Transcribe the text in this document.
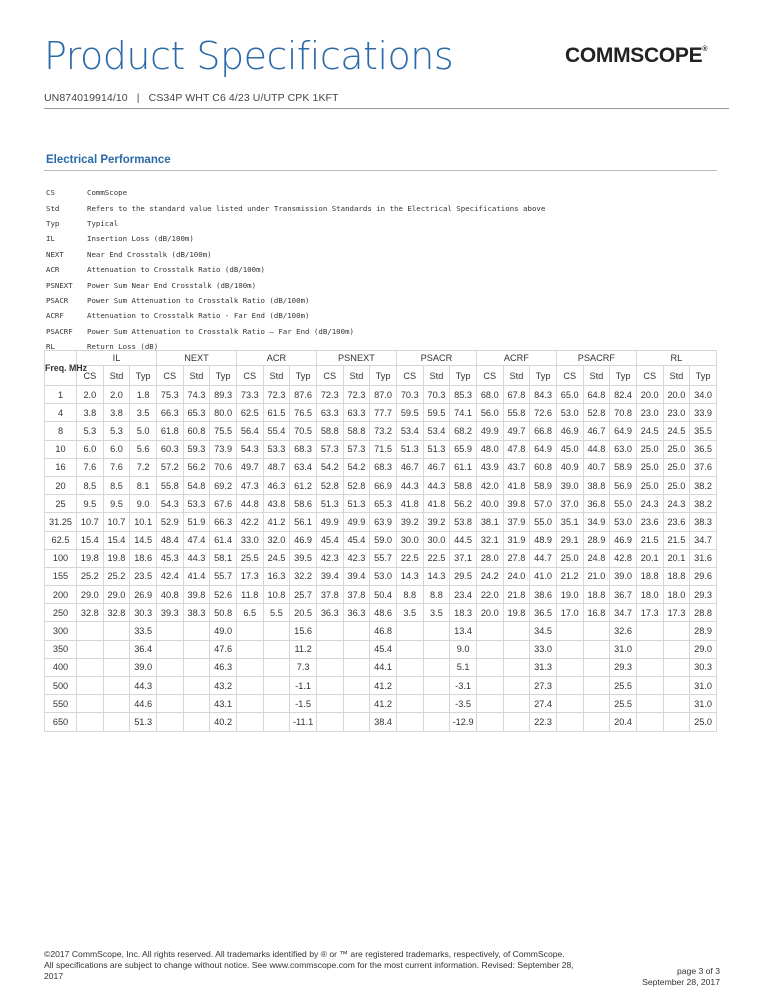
Product Specifications	COMMSCOPE®
UN874019914/10   |   CS34P WHT C6 4/23 U/UTP CPK 1KFT
Electrical Performance
CS	CommScope
Std	Refers to the standard value listed under Transmission Standards in the Electrical Specifications above
Typ	Typical
IL	Insertion Loss (dB/100m)
NEXT	Near End Crosstalk (dB/100m)
ACR	Attenuation to Crosstalk Ratio (dB/100m)
PSNEXT	Power Sum Near End Crosstalk (dB/100m)
PSACR	Power Sum Attenuation to Crosstalk Ratio (dB/100m)
ACRF	Attenuation to Crosstalk Ratio - Far End (dB/100m)
PSACRF	Power Sum Attenuation to Crosstalk Ratio – Far End (dB/100m)
RL	Return Loss (dB)
Freq. MHz	IL			NEXT			ACR			PSNEXT			PSACR			ACRF			PSACRF			RL		
	CS	Std	Typ	CS	Std	Typ	CS	Std	Typ	CS	Std	Typ	CS	Std	Typ	CS	Std	Typ	CS	Std	Typ	CS	Std	Typ
1	2.0	2.0	1.8	75.3	74.3	89.3	73.3	72.3	87.6	72.3	72.3	87.0	70.3	70.3	85.3	68.0	67.8	84.3	65.0	64.8	82.4	20.0	20.0	34.0
4	3.8	3.8	3.5	66.3	65.3	80.0	62.5	61.5	76.5	63.3	63.3	77.7	59.5	59.5	74.1	56.0	55.8	72.6	53.0	52.8	70.8	23.0	23.0	33.9
8	5.3	5.3	5.0	61.8	60.8	75.5	56.4	55.4	70.5	58.8	58.8	73.2	53.4	53.4	68.2	49.9	49.7	66.8	46.9	46.7	64.9	24.5	24.5	35.5
10	6.0	6.0	5.6	60.3	59.3	73.9	54.3	53.3	68.3	57.3	57.3	71.5	51.3	51.3	65.9	48.0	47.8	64.9	45.0	44.8	63.0	25.0	25.0	36.5
16	7.6	7.6	7.2	57.2	56.2	70.6	49.7	48.7	63.4	54.2	54.2	68.3	46.7	46.7	61.1	43.9	43.7	60.8	40.9	40.7	58.9	25.0	25.0	37.6
20	8.5	8.5	8.1	55.8	54.8	69.2	47.3	46.3	61.2	52.8	52.8	66.9	44.3	44.3	58.8	42.0	41.8	58.9	39.0	38.8	56.9	25.0	25.0	38.2
25	9.5	9.5	9.0	54.3	53.3	67.6	44.8	43.8	58.6	51.3	51.3	65.3	41.8	41.8	56.2	40.0	39.8	57.0	37.0	36.8	55.0	24.3	24.3	38.2
31.25	10.7	10.7	10.1	52.9	51.9	66.3	42.2	41.2	56.1	49.9	49.9	63.9	39.2	39.2	53.8	38.1	37.9	55.0	35.1	34.9	53.0	23.6	23.6	38.3
62.5	15.4	15.4	14.5	48.4	47.4	61.4	33.0	32.0	46.9	45.4	45.4	59.0	30.0	30.0	44.5	32.1	31.9	48.9	29.1	28.9	46.9	21.5	21.5	34.7
100	19.8	19.8	18.6	45.3	44.3	58.1	25.5	24.5	39.5	42.3	42.3	55.7	22.5	22.5	37.1	28.0	27.8	44.7	25.0	24.8	42.8	20.1	20.1	31.6
155	25.2	25.2	23.5	42.4	41.4	55.7	17.3	16.3	32.2	39.4	39.4	53.0	14.3	14.3	29.5	24.2	24.0	41.0	21.2	21.0	39.0	18.8	18.8	29.6
200	29.0	29.0	26.9	40.8	39.8	52.6	11.8	10.8	25.7	37.8	37.8	50.4	8.8	8.8	23.4	22.0	21.8	38.6	19.0	18.8	36.7	18.0	18.0	29.3
250	32.8	32.8	30.3	39.3	38.3	50.8	6.5	5.5	20.5	36.3	36.3	48.6	3.5	3.5	18.3	20.0	19.8	36.5	17.0	16.8	34.7	17.3	17.3	28.8
300			33.5			49.0			15.6			46.8			13.4			34.5			32.6			28.9
350			36.4			47.6			11.2			45.4			9.0			33.0			31.0			29.0
400			39.0			46.3			7.3			44.1			5.1			31.3			29.3			30.3
500			44.3			43.2			-1.1			41.2			-3.1			27.3			25.5			31.0
550			44.6			43.1			-1.5			41.2			-3.5			27.4			25.5			31.0
650			51.3			40.2			-11.1			38.4			-12.9			22.3			20.4			25.0
©2017 CommScope, Inc. All rights reserved. All trademarks identified by ® or ™ are registered trademarks, respectively, of CommScope.
All specifications are subject to change without notice. See www.commscope.com for the most current information. Revised: September 28,
2017	page 3 of 3
September 28, 2017
